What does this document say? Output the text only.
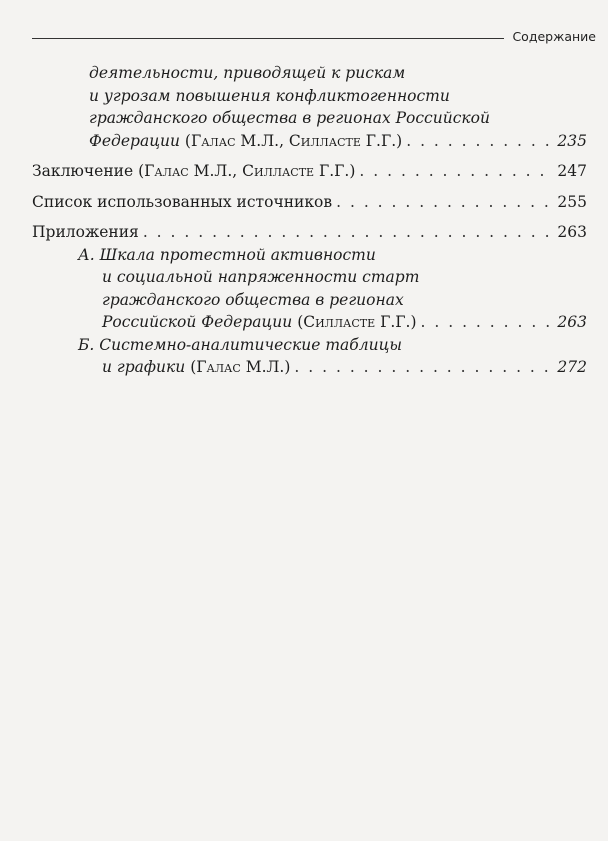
Содержание
деятельности, приводящей к рискам
и угрозам повышения конфликтогенности
гражданского общества в регионах Российской
Федерации (Галас М.Л., Силласте Г.Г.) . . .	235
Заключение (Галас М.Л., Силласте Г.Г.) . . .	247
Список использованных источников . . .	255
Приложения . . .	263
А. Шкала протестной активности
и социальной напряженности старт
гражданского общества в регионах
Российской Федерации (Силласте Г.Г.) . . .	263
Б. Системно-аналитические таблицы
и графики (Галас М.Л.) . . .	272
